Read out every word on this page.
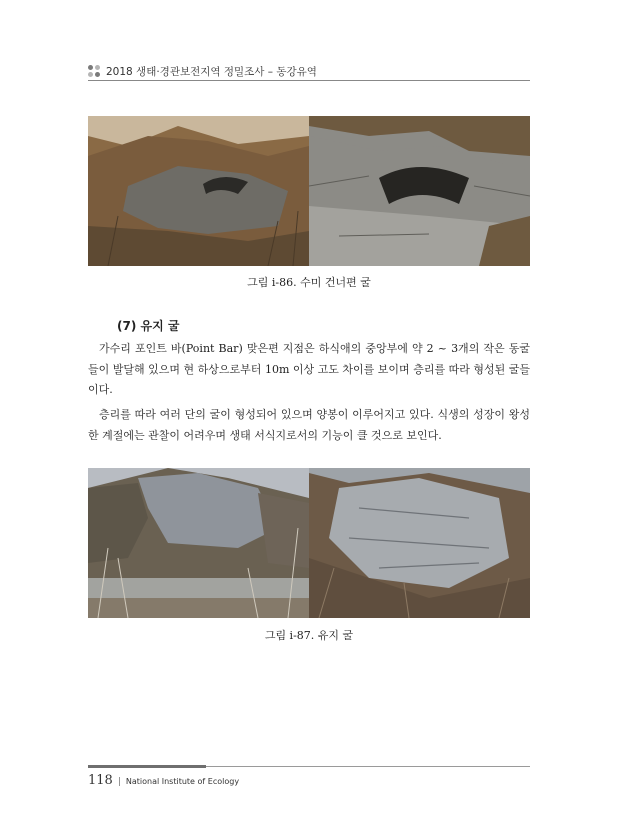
2018 생태·경관보전지역 정밀조사 – 동강유역
그림 i-86. 수미 건너편 굴
(7) 유지 굴

가수리 포인트 바(Point Bar) 맞은편 지점은 하식애의 중앙부에 약 2 ~ 3개의 작은 동굴들이 발달해 있으며 현 하상으로부터 10m 이상 고도 차이를 보이며 층리를 따라 형성된 굴들이다.

층리를 따라 여러 단의 굴이 형성되어 있으며 양봉이 이루어지고 있다. 식생의 성장이 왕성한 계절에는 관찰이 어려우며 생태 서식지로서의 기능이 클 것으로 보인다.

그림 i-87. 유지 굴
118 | National Institute of Ecology
